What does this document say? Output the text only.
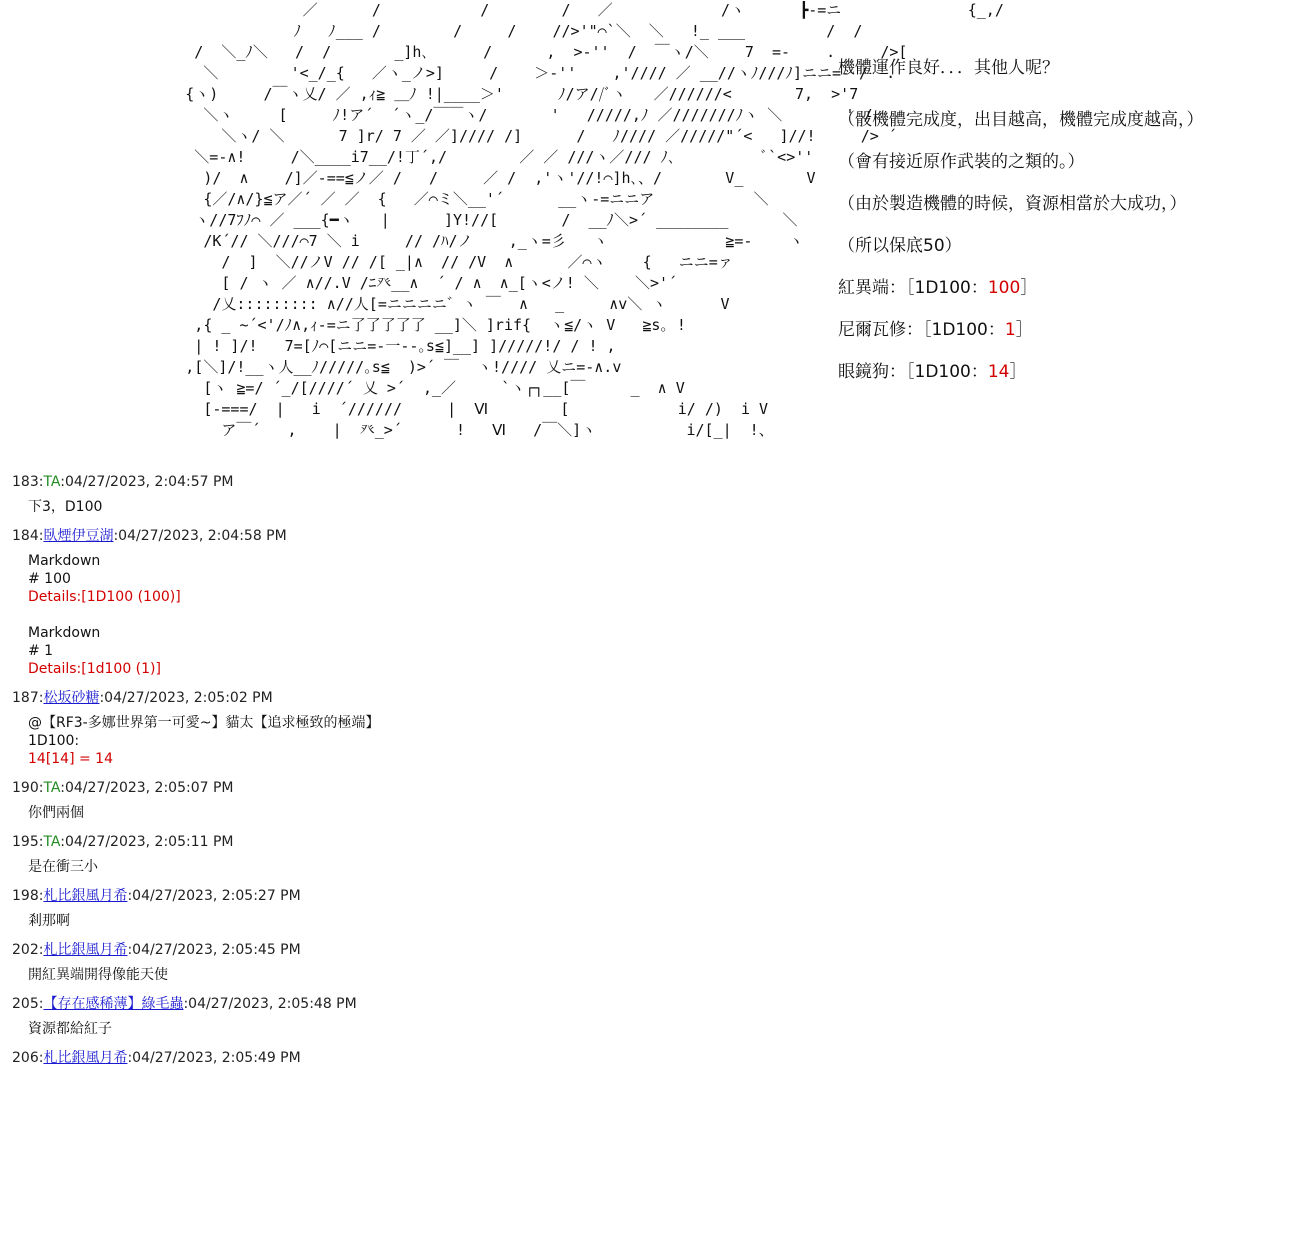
／      /           /        /   ／            /ヽ      ┣-=ニ              {_,/
ﾉ   ﾉ___ /        /     /    //>'"⌒`＼  ＼   !_ ___         /  /
/  ＼_ﾉ＼   /  /       _]h､      /      ,  >‐''  /  ￣ヽ/＼    7  =-    .     />[
＼        '<_/_{   ／ヽ_ノ>]     /    ＞‐''    ,'//// ／ __//ヽﾉ///ﾉ]ニニ=- /  .
{ヽ)     /￣ヽ乂/ ／ ,ｨ≧ ＿ﾉ !|____＞'      ﾉ/ア//ﾞヽ   ／//////<       7,  >'7
＼ヽ     [     ﾉ!ア´  ´ヽ_/￣￣ヽ/       '   /////,ﾉ ／///////ﾉヽ ＼       ' /
＼ヽ/ ＼      7 ]r/ 7 ／ ／]//// /]      /   ﾉ//// ／/////"´<   ]//!     /> ´
＼=-∧!     /＼____i7__/!丁´,/        ／ ／ ///ヽ／/// ﾉ､          ﾞ`<>''
)/  ∧    /]／-==≦ノ／ /   /     ／ /  ,'ヽ'//!⌒]h､、/       V_       V
{／/∧/}≦ア／´ ／ ／  {   ／⌒ミ＼__'´      __ヽ-=ニニア           ＼
ヽ//7ﾌﾉ⌒ ／ ___{━ヽ   |      ]Y!//[       /  __ﾉ＼>´ ________      ＼
/K´// ＼///⌒7 ＼ i     // /ﾊ/ノ    ,_ヽ=彡   ヽ             ≧=-    ヽ
/  ]  ＼//ノV // /[ _|∧  // /V  ∧      ／⌒ヽ    {   ニニ=ァ
[ / ヽ ／ ∧//.V /ﾆ癶__∧  ´ / ∧  ∧_[ヽ<ノ! ＼    ＼>'´
/乂::::::::: ∧//人[=ニニニニ゛ヽ ￣  ∧   _     ∧v＼ ヽ      V
,{ _ ~´<'/ﾉ∧,ｨ-=ニ了了了了了 __]＼ ]rif{  ヽ≦/ヽ V   ≧s｡ !
| ! ]/!   7=[ﾉ⌒[ニニ=-一‐-｡s≦]__] ]/////!/ / ! ,
,[＼]/!__ヽ人__ﾉ/////｡s≦  )>´ ￣  ヽ!//// 乂ニ=-∧.v
[ヽ ≧=/ ´_/[////´ 乂 >´  ,_／     `ヽ┌┐__[￣     _  ∧ V
[-===/  |   i  ´//////     |  Ⅵ        [            i/ /)  i V
ア￣´   ,    |  癶_>´      !   Ⅵ   /￣＼]ヽ          i/[_|  !、
機體運作良好．．．其他人呢？
（骰機體完成度，出目越高，機體完成度越高，）
（會有接近原作武裝的之類的。）
（由於製造機體的時候，資源相當於大成功，）
（所以保底50）
紅異端：［1D100：100］
尼爾瓦修：［1D100：1］
眼鏡狗：［1D100：14］
183:TA:04/27/2023, 2:04:57 PM
下3，D100
184:臥煙伊豆湖:04/27/2023, 2:04:58 PM
Markdown
# 100
Details:[1D100 (100)]
Markdown
# 1
Details:[1d100 (1)]
187:松坂砂糖:04/27/2023, 2:05:02 PM
@【RF3-多娜世界第一可愛~】貓太【追求極致的極端】
1D100:
14[14] = 14
190:TA:04/27/2023, 2:05:07 PM
你們兩個
195:TA:04/27/2023, 2:05:11 PM
是在衝三小
198:札比銀風月希:04/27/2023, 2:05:27 PM
剎那啊
202:札比銀風月希:04/27/2023, 2:05:45 PM
開紅異端開得像能天使
205:【存在感稀薄】綠毛蟲:04/27/2023, 2:05:48 PM
資源都給紅子
206:札比銀風月希:04/27/2023, 2:05:49 PM
